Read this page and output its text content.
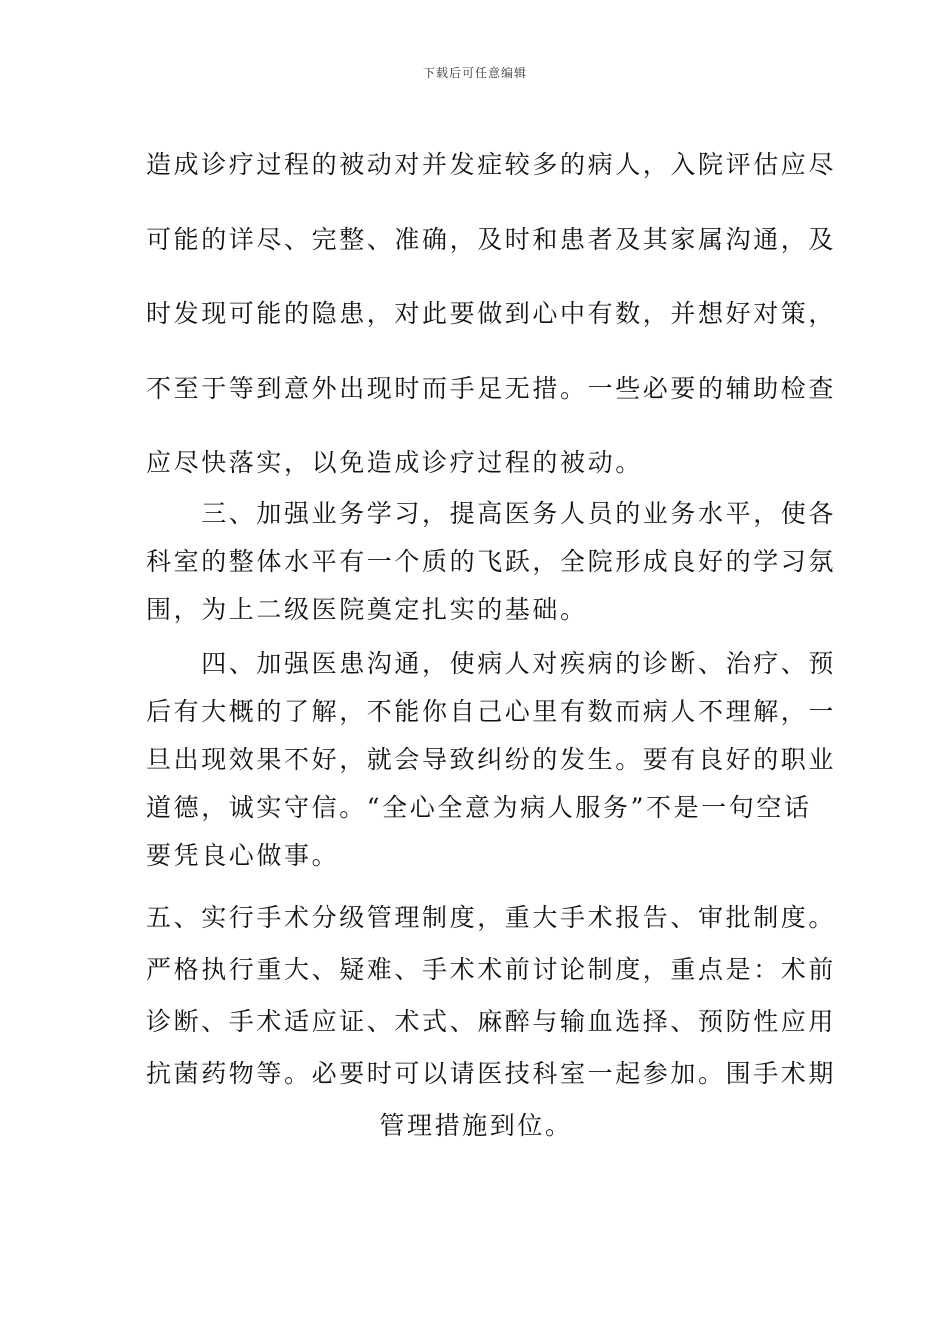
下载后可任意编辑
造成诊疗过程的被动对并发症较多的病人，入院评估应尽
可能的详尽、完整、准确，及时和患者及其家属沟通，及
时发现可能的隐患，对此要做到心中有数，并想好对策，
不至于等到意外出现时而手足无措。一些必要的辅助检查
应尽快落实，以免造成诊疗过程的被动。
　　三、加强业务学习，提高医务人员的业务水平，使各
科室的整体水平有一个质的飞跃，全院形成良好的学习氛
围，为上二级医院奠定扎实的基础。
　　四、加强医患沟通，使病人对疾病的诊断、治疗、预
后有大概的了解，不能你自己心里有数而病人不理解，一
旦出现效果不好，就会导致纠纷的发生。要有良好的职业
道德，诚实守信。“全心全意为病人服务”不是一句空话
要凭良心做事。
五、实行手术分级管理制度，重大手术报告、审批制度。
严格执行重大、疑难、手术术前讨论制度，重点是：术前
诊断、手术适应证、术式、麻醉与输血选择、预防性应用
抗菌药物等。必要时可以请医技科室一起参加。围手术期
管理措施到位。
